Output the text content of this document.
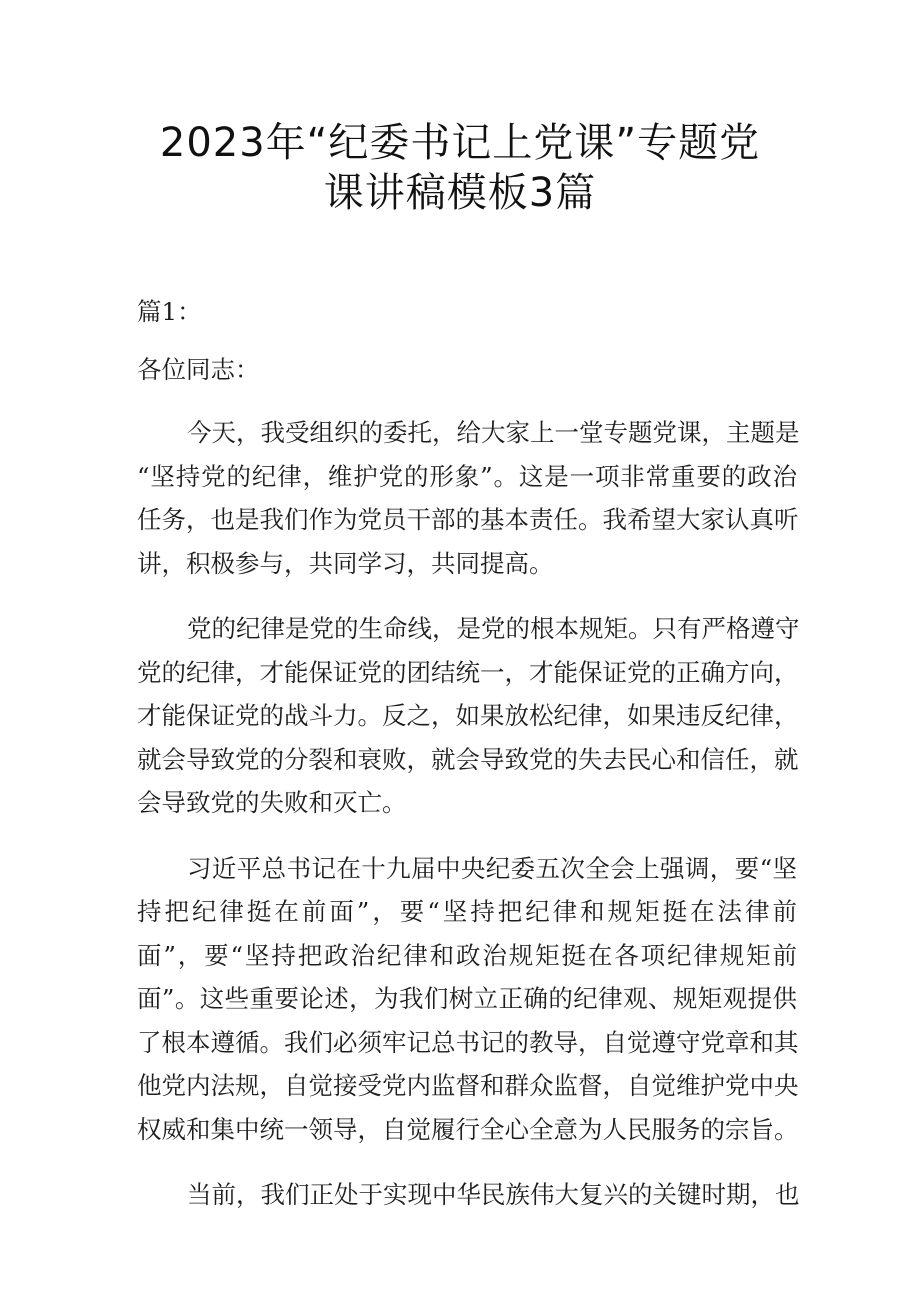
2023年“纪委书记上党课”专题党
课讲稿模板3篇

篇1：

各位同志：

今天，我受组织的委托，给大家上一堂专题党课，主题是
“坚持党的纪律，维护党的形象”。这是一项非常重要的政治
任务，也是我们作为党员干部的基本责任。我希望大家认真听
讲，积极参与，共同学习，共同提高。

党的纪律是党的生命线，是党的根本规矩。只有严格遵守
党的纪律，才能保证党的团结统一，才能保证党的正确方向，
才能保证党的战斗力。反之，如果放松纪律，如果违反纪律，
就会导致党的分裂和衰败，就会导致党的失去民心和信任，就
会导致党的失败和灭亡。

习近平总书记在十九届中央纪委五次全会上强调，要“坚
持把纪律挺在前面”，要“坚持把纪律和规矩挺在法律前
面”，要“坚持把政治纪律和政治规矩挺在各项纪律规矩前
面”。这些重要论述，为我们树立正确的纪律观、规矩观提供
了根本遵循。我们必须牢记总书记的教导，自觉遵守党章和其
他党内法规，自觉接受党内监督和群众监督，自觉维护党中央
权威和集中统一领导，自觉履行全心全意为人民服务的宗旨。

当前，我们正处于实现中华民族伟大复兴的关键时期，也
